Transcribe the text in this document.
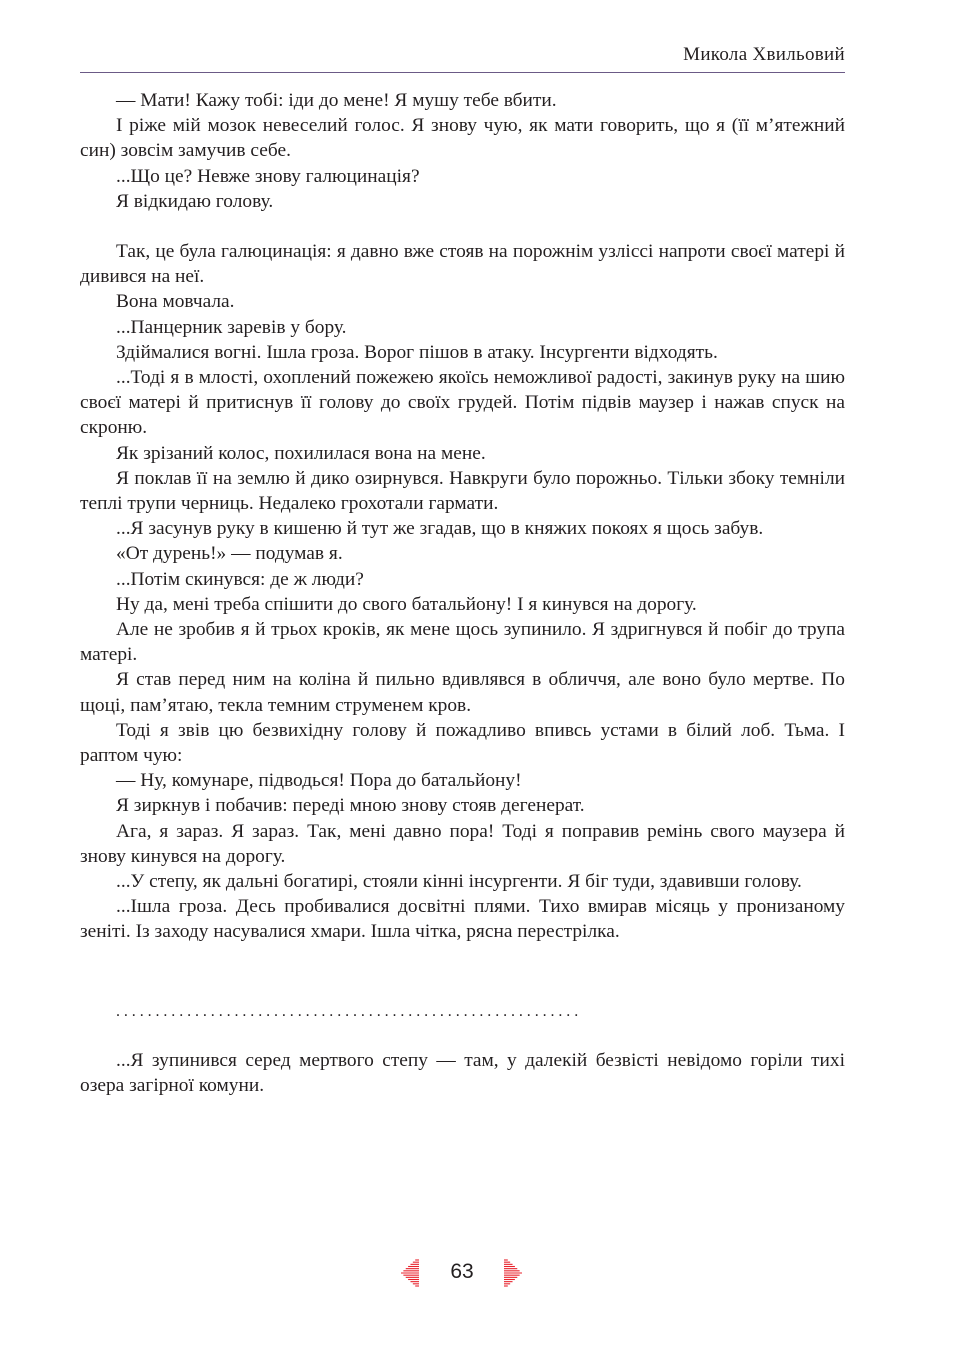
Микола Хвильовий

— Мати! Кажу тобі: іди до мене! Я мушу тебе вбити.

І ріже мій мозок невеселий голос. Я знову чую, як мати говорить, що я (її м’ятежний син) зовсім замучив себе.

...Що це? Невже знову галюцинація?

Я відкидаю голову.

Так, це була галюцинація: я давно вже стояв на порожнім узліссі напроти своєї матері й дивився на неї.

Вона мовчала.

...Панцерник заревів у бору.

Здіймалися вогні. Ішла гроза. Ворог пішов в атаку. Інсургенти відходять.

...Тоді я в млості, охоплений пожежею якоїсь неможливої радості, закинув руку на шию своєї матері й притиснув її голову до своїх грудей. Потім підвів маузер і нажав спуск на скроню.

Як зрізаний колос, похилилася вона на мене.

Я поклав її на землю й дико озирнувся. Навкруги було порожньо. Тільки збоку темніли теплі трупи черниць. Недалеко грохотали гармати.

...Я засунув руку в кишеню й тут же згадав, що в княжих покоях я щось забув.

«От дурень!» — подумав я.

...Потім скинувся: де ж люди?

Ну да, мені треба спішити до свого батальйону! І я кинувся на дорогу.

Але не зробив я й трьох кроків, як мене щось зупинило. Я здригнувся й побіг до трупа матері.

Я став перед ним на коліна й пильно вдивлявся в обличчя, але воно було мертве. По щоці, пам’ятаю, текла темним струменем кров.

Тоді я звів цю безвихідну голову й пожадливо впивсь устами в білий лоб. Тьма. І раптом чую:

— Ну, комунаре, підводься! Пора до батальйону!

Я зиркнув і побачив: переді мною знову стояв дегенерат.

Ага, я зараз. Я зараз. Так, мені давно пора! Тоді я поправив ремінь свого маузера й знову кинувся на дорогу.

...У степу, як дальні богатирі, стояли кінні інсургенти. Я біг туди, здавивши голову.

...Ішла гроза. Десь пробивалися досвітні плями. Тихо вмирав місяць у пронизаному зеніті. Із заходу насувалися хмари. Ішла чітка, рясна перестрілка.

...........................................................

...Я зупинився серед мертвого степу — там, у далекій безвісті невідомо горіли тихі озера загірної комуни.

63
